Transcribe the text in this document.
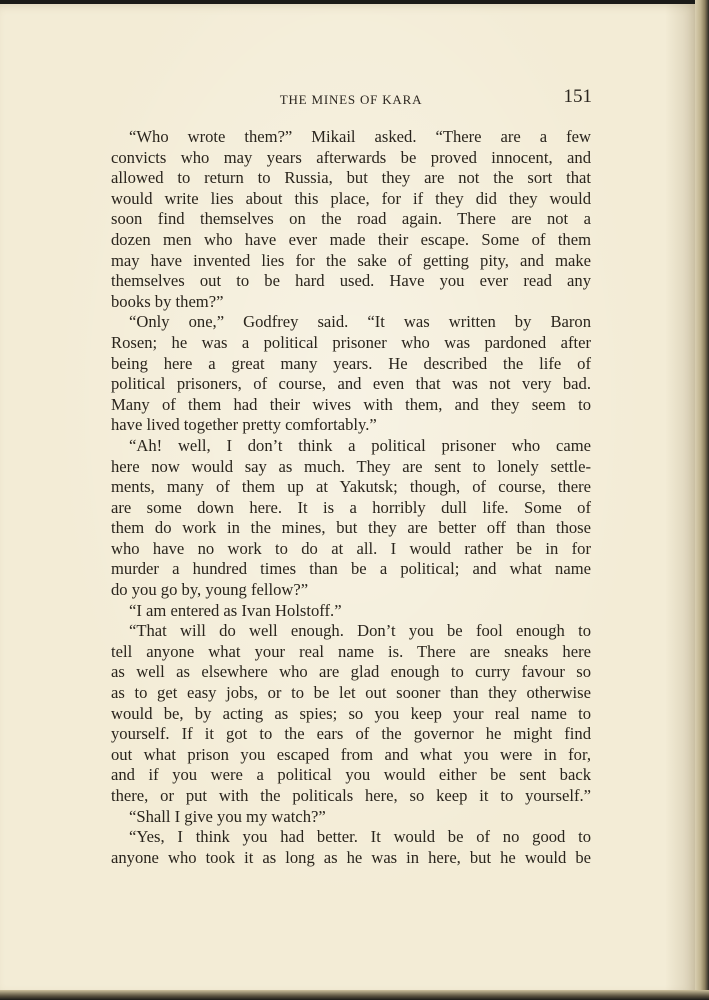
THE MINES OF KARA	151
“Who wrote them?” Mikail asked. “There are a few
convicts who may years afterwards be proved innocent, and
allowed to return to Russia, but they are not the sort that
would write lies about this place, for if they did they would
soon find themselves on the road again. There are not a
dozen men who have ever made their escape. Some of them
may have invented lies for the sake of getting pity, and make
themselves out to be hard used. Have you ever read any
books by them?”
“Only one,” Godfrey said. “It was written by Baron
Rosen; he was a political prisoner who was pardoned after
being here a great many years. He described the life of
political prisoners, of course, and even that was not very bad.
Many of them had their wives with them, and they seem to
have lived together pretty comfortably.”
“Ah! well, I don’t think a political prisoner who came
here now would say as much. They are sent to lonely settle-
ments, many of them up at Yakutsk; though, of course, there
are some down here. It is a horribly dull life. Some of
them do work in the mines, but they are better off than those
who have no work to do at all. I would rather be in for
murder a hundred times than be a political; and what name
do you go by, young fellow?”
“I am entered as Ivan Holstoff.”
“That will do well enough. Don’t you be fool enough to
tell anyone what your real name is. There are sneaks here
as well as elsewhere who are glad enough to curry favour so
as to get easy jobs, or to be let out sooner than they otherwise
would be, by acting as spies; so you keep your real name to
yourself. If it got to the ears of the governor he might find
out what prison you escaped from and what you were in for,
and if you were a political you would either be sent back
there, or put with the politicals here, so keep it to yourself.”
“Shall I give you my watch?”
“Yes, I think you had better. It would be of no good to
anyone who took it as long as he was in here, but he would be
